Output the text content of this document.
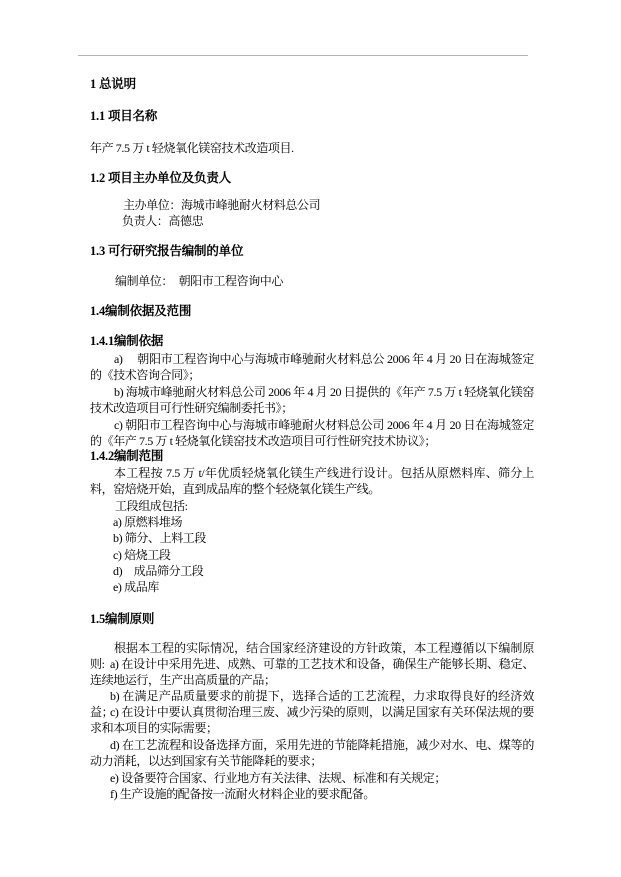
1 总说明
1.1 项目名称
年产 7.5 万 t 轻烧氧化镁窑技术改造项目.
1.2 项目主办单位及负责人
主办单位：海城市峰驰耐火材料总公司
负责人：高德忠
1.3 可行研究报告编制的单位
编制单位：　朝阳市工程咨询中心
1.4编制依据及范围
1.4.1编制依据
a)　 朝阳市工程咨询中心与海城市峰驰耐火材料总公 2006 年 4 月 20 日在海城签定的《技术咨询合同》；
b) 海城市峰驰耐火材料总公司 2006 年 4 月 20 日提供的《年产 7.5 万 t 轻烧氧化镁窑技术改造项目可行性研究编制委托书》；
c) 朝阳市工程咨询中心与海城市峰驰耐火材料总公司 2006 年 4 月 20 日在海城签定的《年产 7.5 万 t 轻烧氧化镁窑技术改造项目可行性研究技术协议》；
1.4.2编制范围
本工程按 7.5 万 t/年优质轻烧氧化镁生产线进行设计。包括从原燃料库、筛分上料，窑焙烧开始，直到成品库的整个轻烧氧化镁生产线。
工段组成包括:
a) 原燃料堆场
b) 筛分、上料工段
c) 焙烧工段
d)　成品筛分工段
e) 成品库
1.5编制原则
根据本工程的实际情况，结合国家经济建设的方针政策，本工程遵循以下编制原则: a) 在设计中采用先进、成熟、可靠的工艺技术和设备，确保生产能够长期、稳定、连续地运行，生产出高质量的产品；
b) 在满足产品质量要求的前提下，选择合适的工艺流程，力求取得良好的经济效益；
c) 在设计中要认真贯彻治理三废、减少污染的原则，以满足国家有关环保法规的要求和本项目的实际需要；
d) 在工艺流程和设备选择方面，采用先进的节能降耗措施，减少对水、电、煤等的动力消耗，以达到国家有关节能降耗的要求；
e) 设备要符合国家、行业地方有关法律、法规、标准和有关规定；
f) 生产设施的配备按一流耐火材料企业的要求配备。
